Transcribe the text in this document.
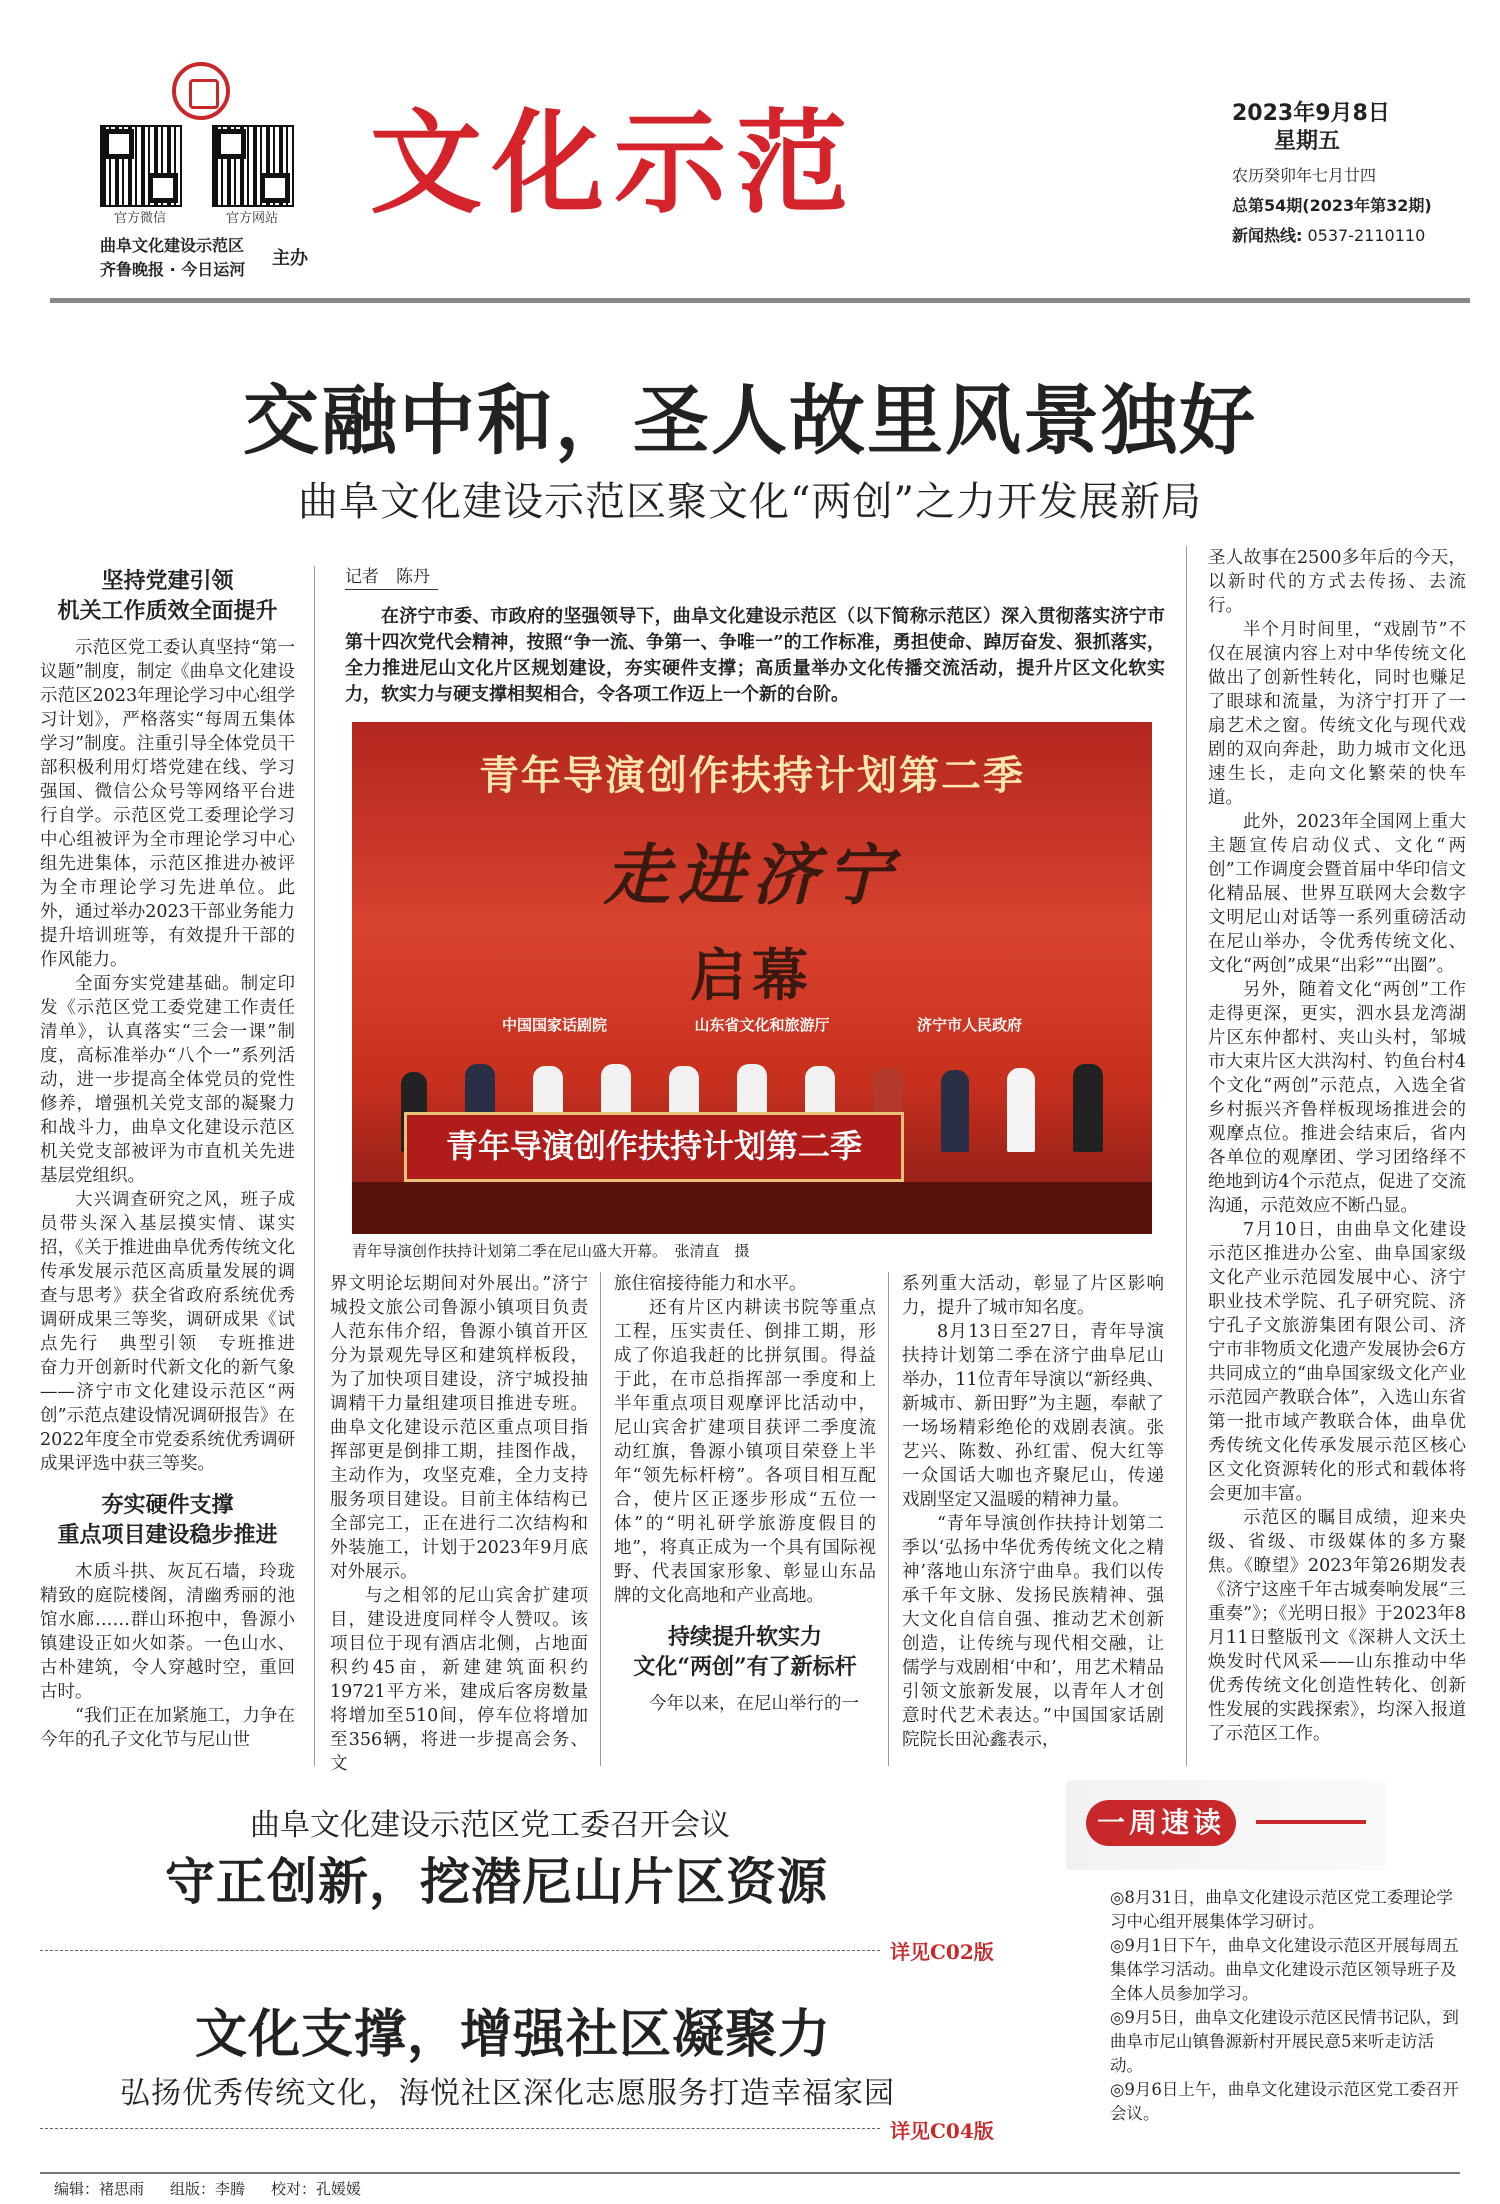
官方微信	官方网站
曲阜文化建设示范区
齐鲁晚报 · 今日运河
主办
文化示范	2023年9月8日
星期五
农历癸卯年七月廿四
总第54期(2023年第32期)
新闻热线: 0537-2110110
交融中和，圣人故里风景独好
曲阜文化建设示范区聚文化“两创”之力开发展新局
坚持党建引领
机关工作质效全面提升

示范区党工委认真坚持“第一议题”制度，制定《曲阜文化建设示范区2023年理论学习中心组学习计划》，严格落实“每周五集体学习”制度。注重引导全体党员干部积极利用灯塔党建在线、学习强国、微信公众号等网络平台进行自学。示范区党工委理论学习中心组被评为全市理论学习中心组先进集体，示范区推进办被评为全市理论学习先进单位。此外，通过举办2023干部业务能力提升培训班等，有效提升干部的作风能力。

全面夯实党建基础。制定印发《示范区党工委党建工作责任清单》，认真落实“三会一课”制度，高标准举办“八个一”系列活动，进一步提高全体党员的党性修养，增强机关党支部的凝聚力和战斗力，曲阜文化建设示范区机关党支部被评为市直机关先进基层党组织。

大兴调查研究之风，班子成员带头深入基层摸实情、谋实招，《关于推进曲阜优秀传统文化传承发展示范区高质量发展的调查与思考》获全省政府系统优秀调研成果三等奖，调研成果《试点先行　典型引领　专班推进　奋力开创新时代新文化的新气象——济宁市文化建设示范区“两创”示范点建设情况调研报告》在2022年度全市党委系统优秀调研成果评选中获三等奖。

夯实硬件支撑
重点项目建设稳步推进

木质斗拱、灰瓦石墙，玲珑精致的庭院楼阁，清幽秀丽的池馆水廊……群山环抱中，鲁源小镇建设正如火如荼。一色山水、古朴建筑，令人穿越时空，重回古时。

“我们正在加紧施工，力争在今年的孔子文化节与尼山世

记者　陈丹
在济宁市委、市政府的坚强领导下，曲阜文化建设示范区（以下简称示范区）深入贯彻落实济宁市第十四次党代会精神，按照“争一流、争第一、争唯一”的工作标准，勇担使命、踔厉奋发、狠抓落实，全力推进尼山文化片区规划建设，夯实硬件支撑；高质量举办文化传播交流活动，提升片区文化软实力，软实力与硬支撑相契相合，令各项工作迈上一个新的台阶。
青年导演创作扶持计划第二季
走进济宁
启幕
中国国家话剧院	山东省文化和旅游厅	济宁市人民政府
青年导演创作扶持计划第二季
青年导演创作扶持计划第二季在尼山盛大开幕。　张清直　摄

界文明论坛期间对外展出。”济宁城投文旅公司鲁源小镇项目负责人范东伟介绍，鲁源小镇首开区分为景观先导区和建筑样板段，为了加快项目建设，济宁城投抽调精干力量组建项目推进专班。曲阜文化建设示范区重点项目指挥部更是倒排工期，挂图作战，主动作为，攻坚克难，全力支持服务项目建设。目前主体结构已全部完工，正在进行二次结构和外装施工，计划于2023年9月底对外展示。

与之相邻的尼山宾舍扩建项目，建设进度同样令人赞叹。该项目位于现有酒店北侧，占地面积约45亩，新建建筑面积约19721平方米，建成后客房数量将增加至510间，停车位将增加至356辆，将进一步提高会务、文

旅住宿接待能力和水平。

还有片区内耕读书院等重点工程，压实责任、倒排工期，形成了你追我赶的比拼氛围。得益于此，在市总指挥部一季度和上半年重点项目观摩评比活动中，尼山宾舍扩建项目获评二季度流动红旗，鲁源小镇项目荣登上半年“领先标杆榜”。各项目相互配合，使片区正逐步形成“五位一体”的“明礼研学旅游度假目的地”，将真正成为一个具有国际视野、代表国家形象、彰显山东品牌的文化高地和产业高地。

持续提升软实力
文化“两创”有了新标杆

今年以来，在尼山举行的一

系列重大活动，彰显了片区影响力，提升了城市知名度。

8月13日至27日，青年导演扶持计划第二季在济宁曲阜尼山举办，11位青年导演以“新经典、新城市、新田野”为主题，奉献了一场场精彩绝伦的戏剧表演。张艺兴、陈数、孙红雷、倪大红等一众国话大咖也齐聚尼山，传递戏剧坚定又温暖的精神力量。

“青年导演创作扶持计划第二季以‘弘扬中华优秀传统文化之精神’落地山东济宁曲阜。我们以传承千年文脉、发扬民族精神、强大文化自信自强、推动艺术创新创造，让传统与现代相交融，让儒学与戏剧相‘中和’，用艺术精品引领文旅新发展，以青年人才创意时代艺术表达。”中国国家话剧院院长田沁鑫表示，

圣人故事在2500多年后的今天，以新时代的方式去传扬、去流行。

半个月时间里，“戏剧节”不仅在展演内容上对中华传统文化做出了创新性转化，同时也赚足了眼球和流量，为济宁打开了一扇艺术之窗。传统文化与现代戏剧的双向奔赴，助力城市文化迅速生长，走向文化繁荣的快车道。

此外，2023年全国网上重大主题宣传启动仪式、文化“两创”工作调度会暨首届中华印信文化精品展、世界互联网大会数字文明尼山对话等一系列重磅活动在尼山举办，令优秀传统文化、文化“两创”成果“出彩”“出圈”。

另外，随着文化“两创”工作走得更深，更实，泗水县龙湾湖片区东仲都村、夹山头村，邹城市大束片区大洪沟村、钓鱼台村4个文化“两创”示范点，入选全省乡村振兴齐鲁样板现场推进会的观摩点位。推进会结束后，省内各单位的观摩团、学习团络绎不绝地到访4个示范点，促进了交流沟通，示范效应不断凸显。

7月10日，由曲阜文化建设示范区推进办公室、曲阜国家级文化产业示范园发展中心、济宁职业技术学院、孔子研究院、济宁孔子文旅游集团有限公司、济宁市非物质文化遗产发展协会6方共同成立的“曲阜国家级文化产业示范园产教联合体”，入选山东省第一批市域产教联合体，曲阜优秀传统文化传承发展示范区核心区文化资源转化的形式和载体将会更加丰富。

示范区的瞩目成绩，迎来央级、省级、市级媒体的多方聚焦。《瞭望》2023年第26期发表《济宁这座千年古城奏响发展“三重奏”》；《光明日报》于2023年8月11日整版刊文《深耕人文沃土　焕发时代风采——山东推动中华优秀传统文化创造性转化、创新性发展的实践探索》，均深入报道了示范区工作。

曲阜文化建设示范区党工委召开会议
守正创新，挖潜尼山片区资源
详见C02版
文化支撑，增强社区凝聚力
弘扬优秀传统文化，海悦社区深化志愿服务打造幸福家园
详见C04版
一周速读

◎8月31日，曲阜文化建设示范区党工委理论学习中心组开展集体学习研讨。

◎9月1日下午，曲阜文化建设示范区开展每周五集体学习活动。曲阜文化建设示范区领导班子及全体人员参加学习。

◎9月5日，曲阜文化建设示范区民情书记队，到曲阜市尼山镇鲁源新村开展民意5来听走访活动。

◎9月6日上午，曲阜文化建设示范区党工委召开会议。

编辑：褚思雨 组版：李腾 校对：孔媛媛
